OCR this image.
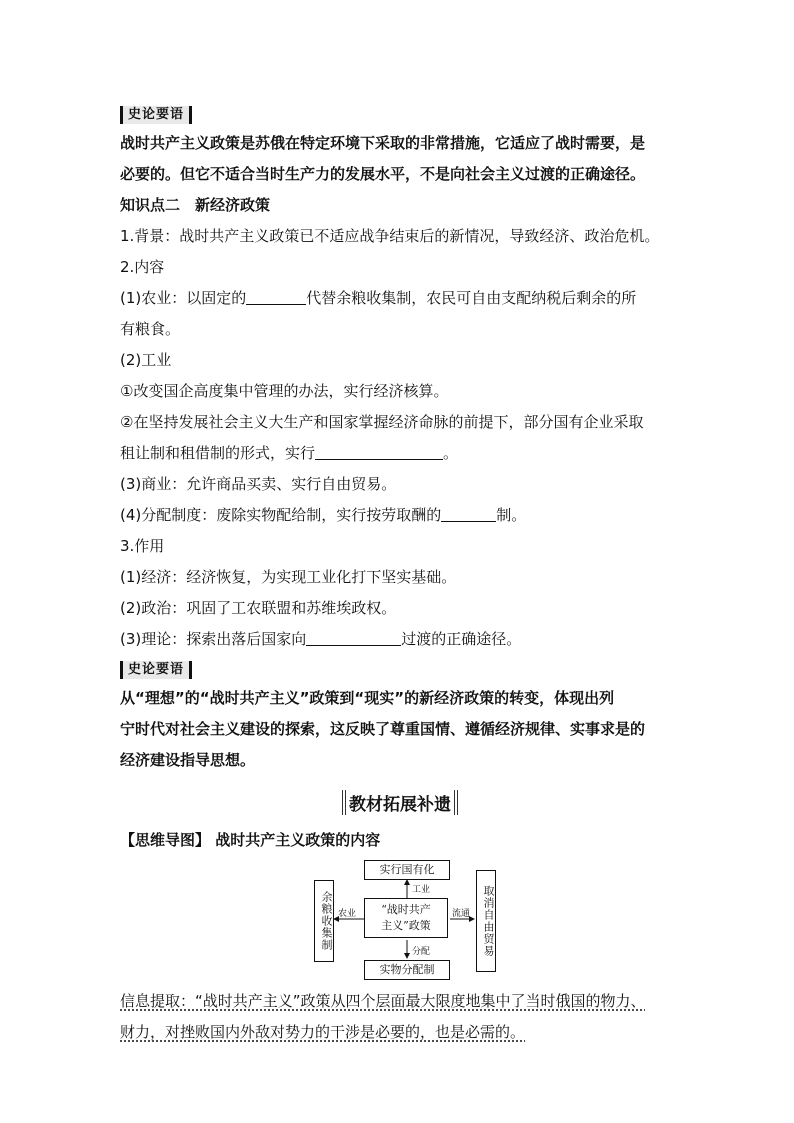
史论要语
战时共产主义政策是苏俄在特定环境下采取的非常措施，它适应了战时需要，是
必要的。但它不适合当时生产力的发展水平，不是向社会主义过渡的正确途径。
知识点二　新经济政策
1.背景：战时共产主义政策已不适应战争结束后的新情况，导致经济、政治危机。
2.内容
(1)农业：以固定的	代替余粮收集制，农民可自由支配纳税后剩余的所
有粮食。
(2)工业
①改变国企高度集中管理的办法，实行经济核算。
②在坚持发展社会主义大生产和国家掌握经济命脉的前提下，部分国有企业采取
租让制和租借制的形式，实行	。
(3)商业：允许商品买卖、实行自由贸易。
(4)分配制度：废除实物配给制，实行按劳取酬的	制。
3.作用
(1)经济：经济恢复，为实现工业化打下坚实基础。
(2)政治：巩固了工农联盟和苏维埃政权。
(3)理论：探索出落后国家向	过渡的正确途径。
史论要语
从“理想”的“战时共产主义”政策到“现实”的新经济政策的转变，体现出列
宁时代对社会主义建设的探索，这反映了尊重国情、遵循经济规律、实事求是的
经济建设指导思想。
教材拓展补遗
【思维导图】 战时共产主义政策的内容
实行国有化
“战时共产
主义”政策
实物分配制
余粮收集制	取消自由贸易
工业
分配
农业	流通
信息提取：“战时共产主义”政策从四个层面最大限度地集中了当时俄国的物力、
财力，对挫败国内外敌对势力的干涉是必要的，也是必需的。
